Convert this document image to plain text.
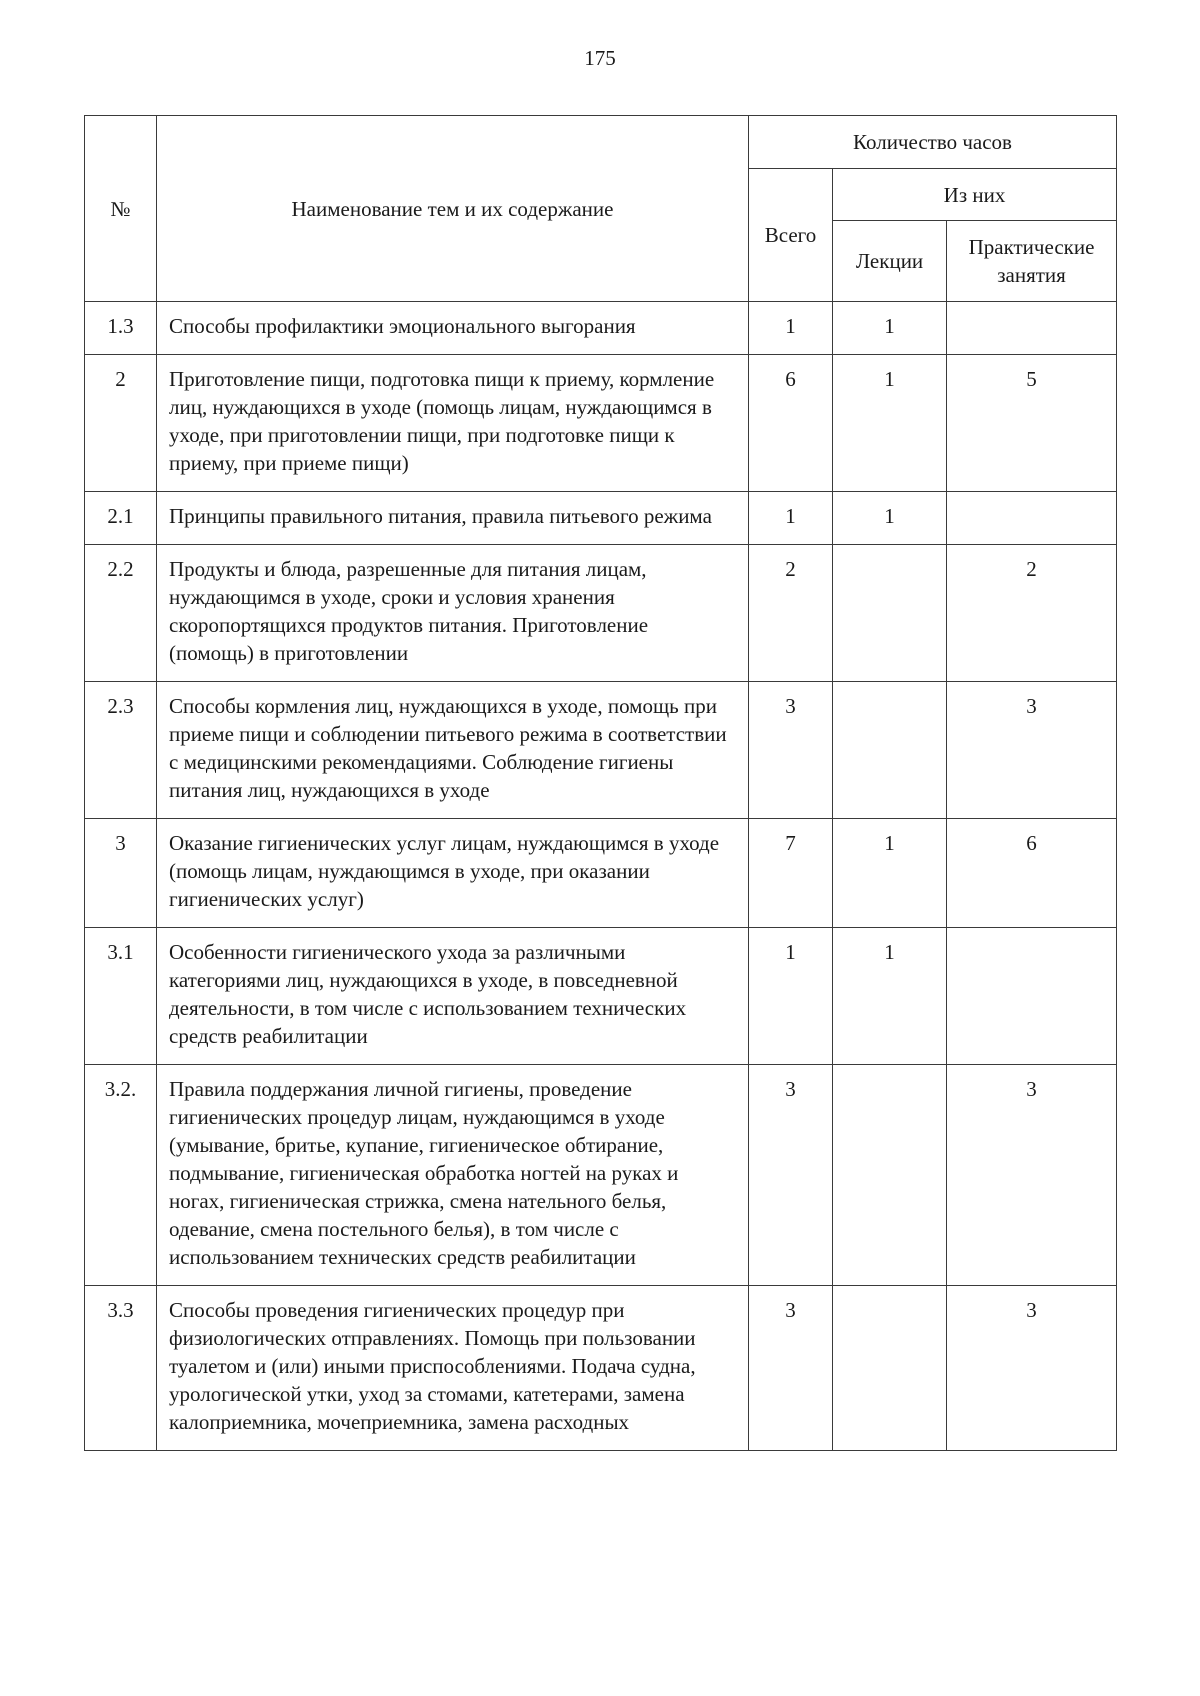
175
№	Наименование тем и их содержание	Количество часов		
		Всего	Из них	
			Лекции	Практические занятия
1.3	Способы профилактики эмоционального выгорания	1	1	
2	Приготовление пищи, подготовка пищи к приему, кормление лиц, нуждающихся в уходе (помощь лицам, нуждающимся в уходе, при приготовлении пищи, при подготовке пищи к приему, при приеме пищи)	6	1	5
2.1	Принципы правильного питания, правила питьевого режима	1	1	
2.2	Продукты и блюда, разрешенные для питания лицам, нуждающимся в уходе, сроки и условия хранения скоропортящихся продуктов питания. Приготовление (помощь) в приготовлении	2		2
2.3	Способы кормления лиц, нуждающихся в уходе, помощь при приеме пищи и соблюдении питьевого режима в соответствии с медицинскими рекомендациями. Соблюдение гигиены питания лиц, нуждающихся в уходе	3		3
3	Оказание гигиенических услуг лицам, нуждающимся в уходе (помощь лицам, нуждающимся в уходе, при оказании гигиенических услуг)	7	1	6
3.1	Особенности гигиенического ухода за различными категориями лиц, нуждающихся в уходе, в повседневной деятельности, в том числе с использованием технических средств реабилитации	1	1	
3.2.	Правила поддержания личной гигиены, проведение гигиенических процедур лицам, нуждающимся в уходе (умывание, бритье, купание, гигиеническое обтирание, подмывание, гигиеническая обработка ногтей на руках и ногах, гигиеническая стрижка, смена нательного белья, одевание, смена постельного белья), в том числе с использованием технических средств реабилитации	3		3
3.3	Способы проведения гигиенических процедур при физиологических отправлениях. Помощь при пользовании туалетом и (или) иными приспособлениями. Подача судна, урологической утки, уход за стомами, катетерами, замена калоприемника, мочеприемника, замена расходных	3		3
